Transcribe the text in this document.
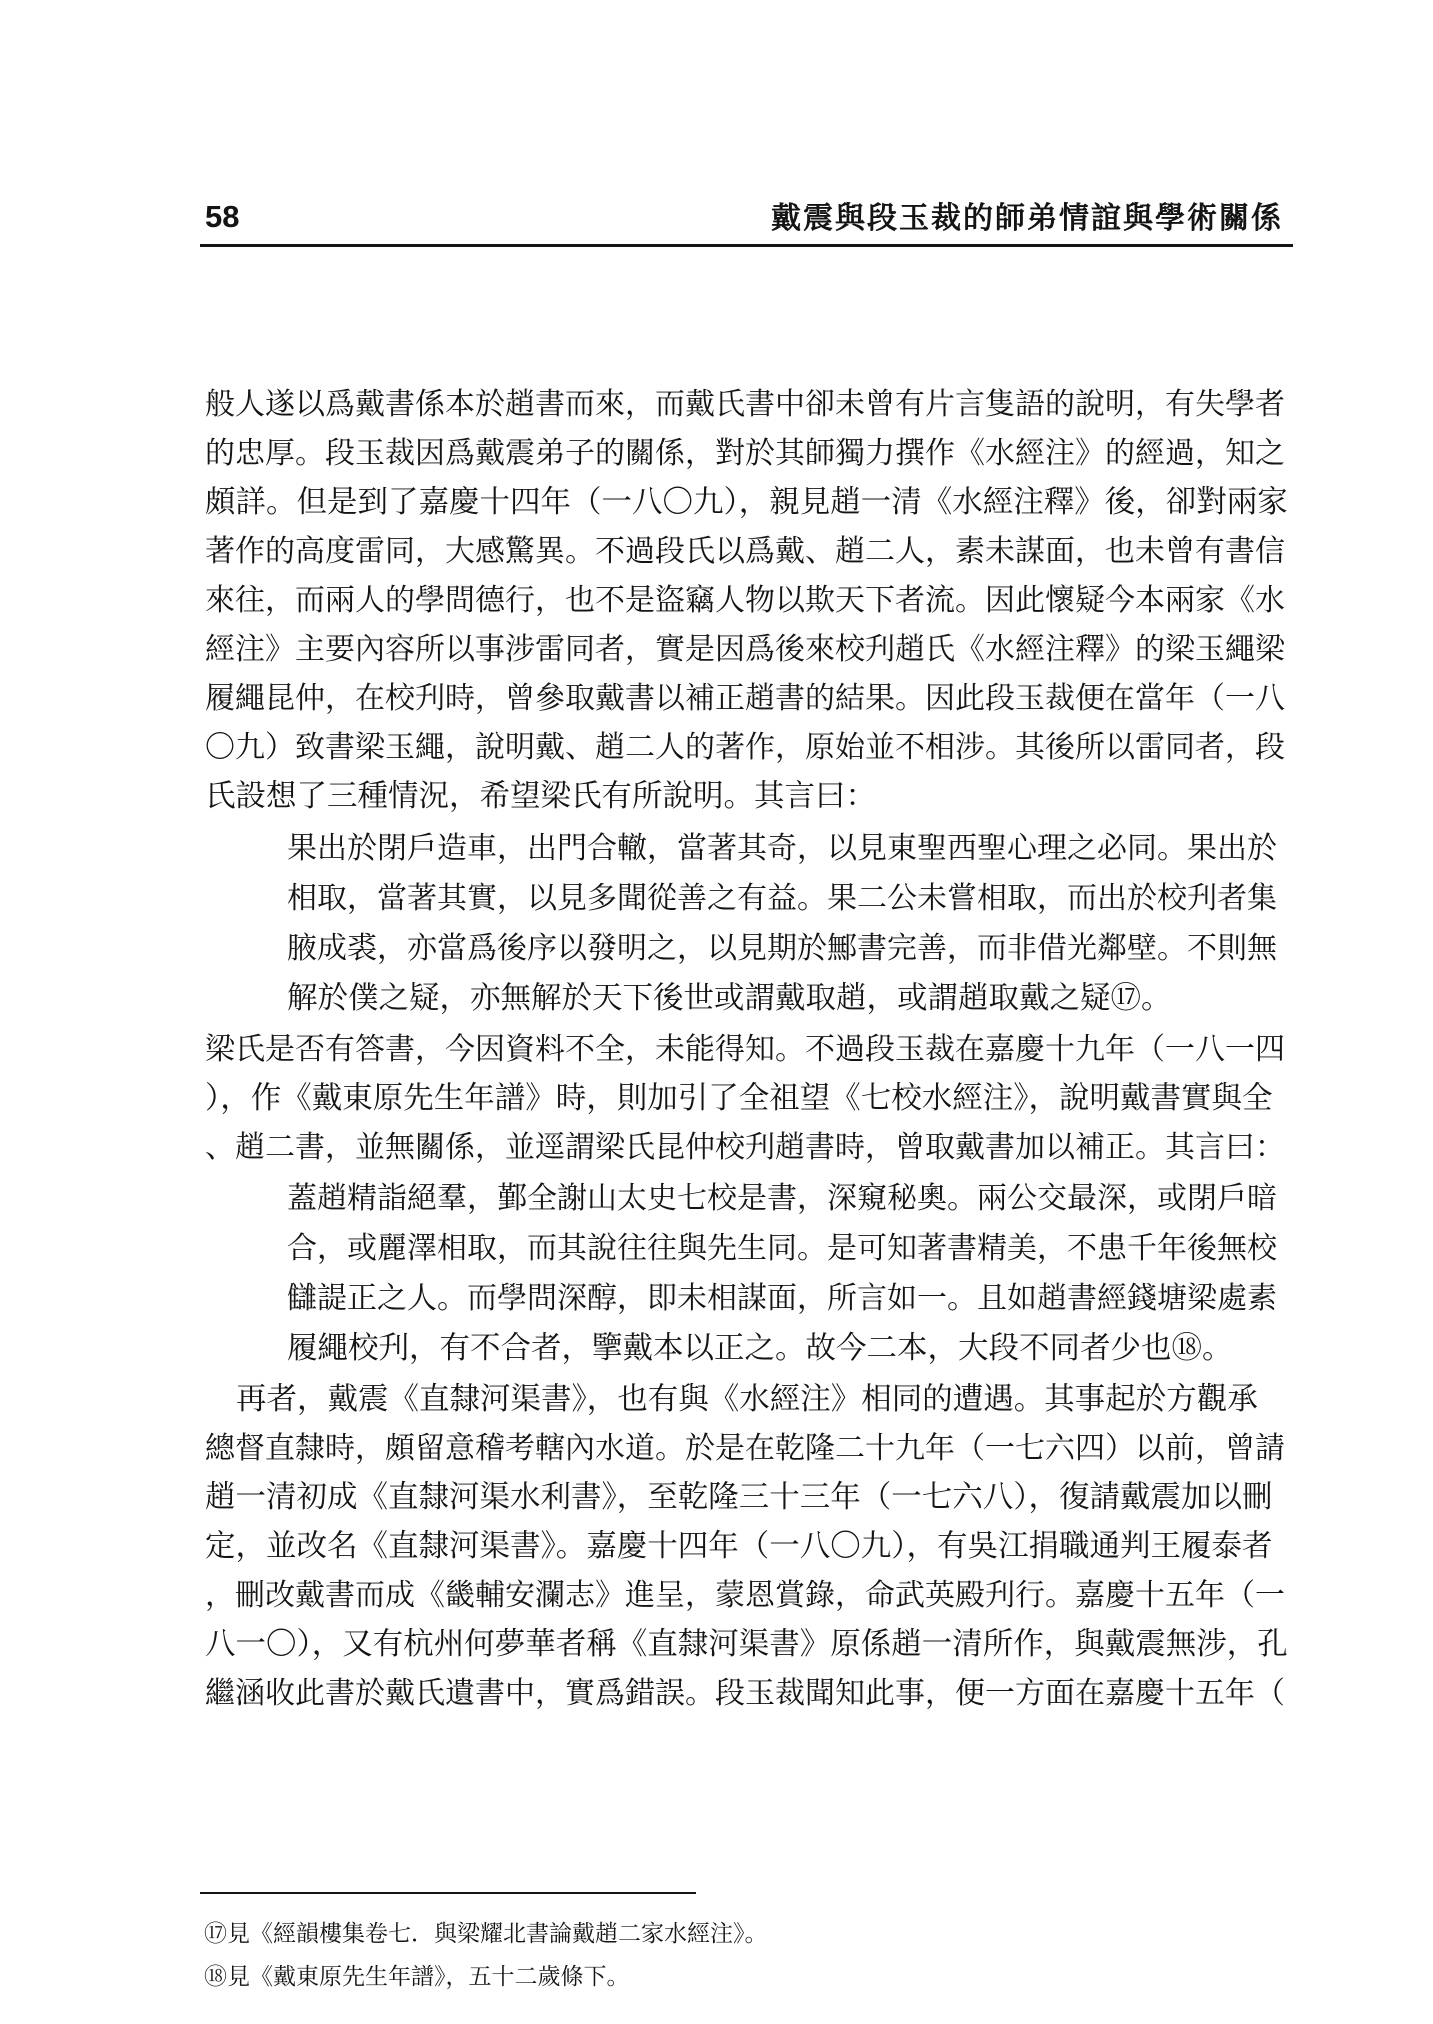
58	戴震與段玉裁的師弟情誼與學術關係
般人遂以爲戴書係本於趙書而來，而戴氏書中卻未曾有片言隻語的說明，有失學者
的忠厚。段玉裁因爲戴震弟子的關係，對於其師獨力撰作《水經注》的經過，知之
頗詳。但是到了嘉慶十四年（一八〇九），親見趙一清《水經注釋》後，卻對兩家
著作的高度雷同，大感驚異。不過段氏以爲戴、趙二人，素未謀面，也未曾有書信
來往，而兩人的學問德行，也不是盜竊人物以欺天下者流。因此懷疑今本兩家《水
經注》主要內容所以事涉雷同者，實是因爲後來校刋趙氏《水經注釋》的梁玉繩梁
履繩昆仲，在校刋時，曾參取戴書以補正趙書的結果。因此段玉裁便在當年（一八
〇九）致書梁玉繩，說明戴、趙二人的著作，原始並不相涉。其後所以雷同者，段
氏設想了三種情況，希望梁氏有所說明。其言曰：
果出於閉戶造車，出門合轍，當著其奇，以見東聖西聖心理之必同。果出於
相取，當著其實，以見多聞從善之有益。果二公未嘗相取，而出於校刋者集
腋成裘，亦當爲後序以發明之，以見期於鄦書完善，而非借光鄰壁。不則無
解於僕之疑，亦無解於天下後世或謂戴取趙，或謂趙取戴之疑⑰。
梁氏是否有答書，今因資料不全，未能得知。不過段玉裁在嘉慶十九年（一八一四
），作《戴東原先生年譜》時，則加引了全祖望《七校水經注》，說明戴書實與全
、趙二書，並無關係，並逕謂梁氏昆仲校刋趙書時，曾取戴書加以補正。其言曰：
蓋趙精詣絕羣，鄞全謝山太史七校是書，深窺秘奧。兩公交最深，或閉戶暗
合，或麗澤相取，而其說往往與先生同。是可知著書精美，不患千年後無校
讎諟正之人。而學問深醇，即未相謀面，所言如一。且如趙書經錢塘梁處素
履繩校刋，有不合者，擥戴本以正之。故今二本，大段不同者少也⑱。
再者，戴震《直隸河渠書》，也有與《水經注》相同的遭遇。其事起於方觀承
總督直隸時，頗留意稽考轄內水道。於是在乾隆二十九年（一七六四）以前，曾請
趙一清初成《直隸河渠水利書》，至乾隆三十三年（一七六八），復請戴震加以刪
定，並改名《直隸河渠書》。嘉慶十四年（一八〇九），有吳江捐職通判王履泰者
，刪改戴書而成《畿輔安瀾志》進呈，蒙恩賞錄，命武英殿刋行。嘉慶十五年（一
八一〇），又有杭州何夢華者稱《直隸河渠書》原係趙一清所作，與戴震無涉，孔
繼涵收此書於戴氏遺書中，實爲錯誤。段玉裁聞知此事，便一方面在嘉慶十五年（
⑰見《經韻樓集卷七．與梁耀北書論戴趙二家水經注》。
⑱見《戴東原先生年譜》，五十二歲條下。
